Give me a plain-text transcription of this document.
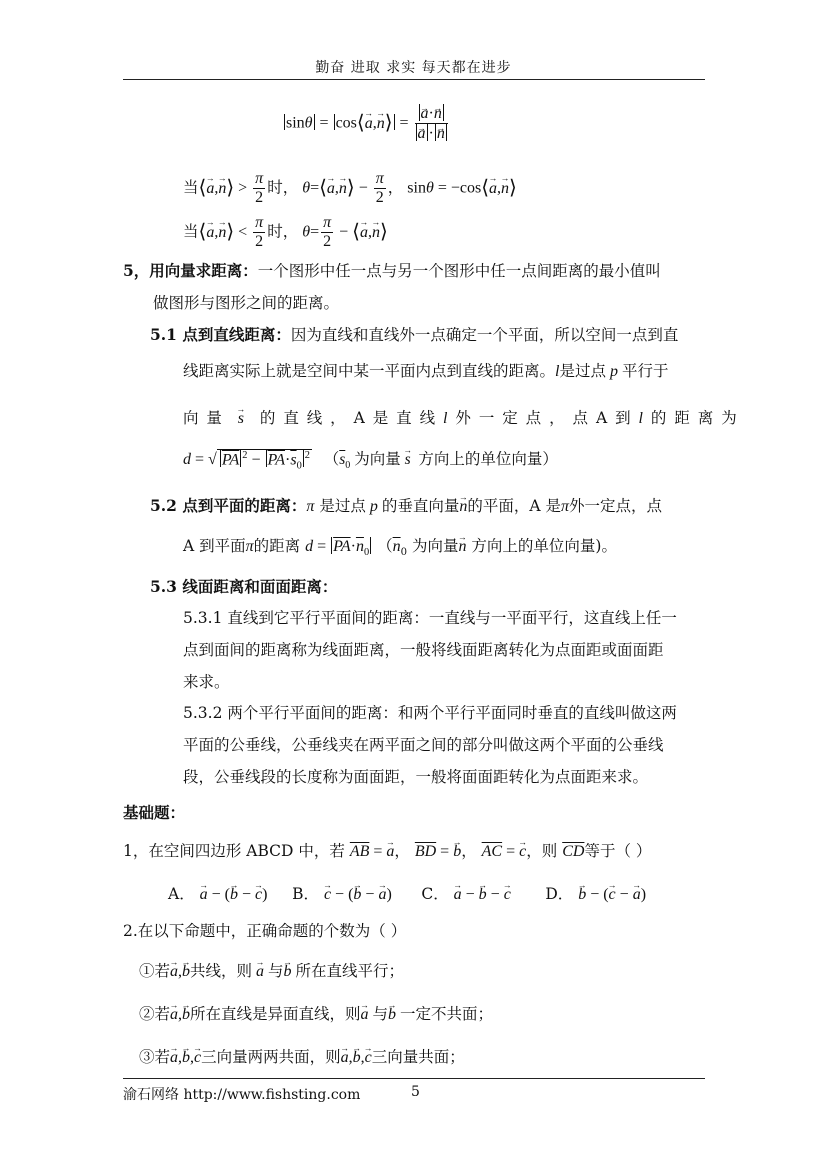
勤奋 进取 求实 每天都在进步
sinθ = cos⟨a →,n →⟩ = $\frac{a \to\cdot n \to}{a \to \cdot n}$ →
当⟨a →,n →⟩ > $\frac{\pi}{2}$ 时， θ=⟨a →,n →⟩ − $\frac{\pi}{2}$ ， sinθ = −cos⟨a →,n →⟩
当⟨a →,n →⟩ < $\frac{\pi}{2}$ 时， $\theta= \frac{\pi}{2}$ − ⟨a →,n →⟩
5，用向量求距离：一个图形中任一点与另一个图形中任一点间距离的最小值叫
做图形与图形之间的距离。
5.1 点到直线距离：因为直线和直线外一点确定一个平面，所以空间一点到直
线距离实际上就是空间中某一平面内点到直线的距离。l是过点 p 平行于
向 量 s → 的 直 线 ， A 是 直 线 l 外 一 定 点 ， 点 A 到 l 的 距 离 为
d = √ PA $^2 - \overline{PA}\cdot\overline{s}_0^2$ （$\overline{s}_0$ 为向量 s → 方向上的单位向量）
5.2 点到平面的距离：π 是过点 p 的垂直向量n →的平面，A 是π外一定点，点
A 到平面π的距离 $d = \overline{PA}\cdot\overline{n}_0$ （$\overline{n}_0$ 为向量n → 方向上的单位向量)。
5.3 线面距离和面面距离：
5.3.1 直线到它平行平面间的距离：一直线与一平面平行，这直线上任一
点到面间的距离称为线面距离，一般将线面距离转化为点面距或面面距
来求。
5.3.2 两个平行平面间的距离：和两个平行平面同时垂直的直线叫做这两
平面的公垂线，公垂线夹在两平面之间的部分叫做这两个平面的公垂线
段，公垂线段的长度称为面面距，一般将面面距转化为点面距来求。
基础题：
1，在空间四边形 ABCD 中，若 $\overline{AB} = a$ →， $\overline{BD} = b$ →， $\overline{AC} = c$ →，则 $\overline{CD}$等于（ ）
A． a → − (b → − c →) B． c → − (b → − a →) C． a → − b → − c → D． b → − (c → − a →)
2.在以下命题中，正确命题的个数为（ ）
①若a →,b →共线，则 a → 与b → 所在直线平行；
②若a →,b →所在直线是异面直线，则a → 与b → 一定不共面；
③若a →,b →,c →三向量两两共面，则a →,b →,c →三向量共面；
渝石网络 http://www.fishsting.com	5
